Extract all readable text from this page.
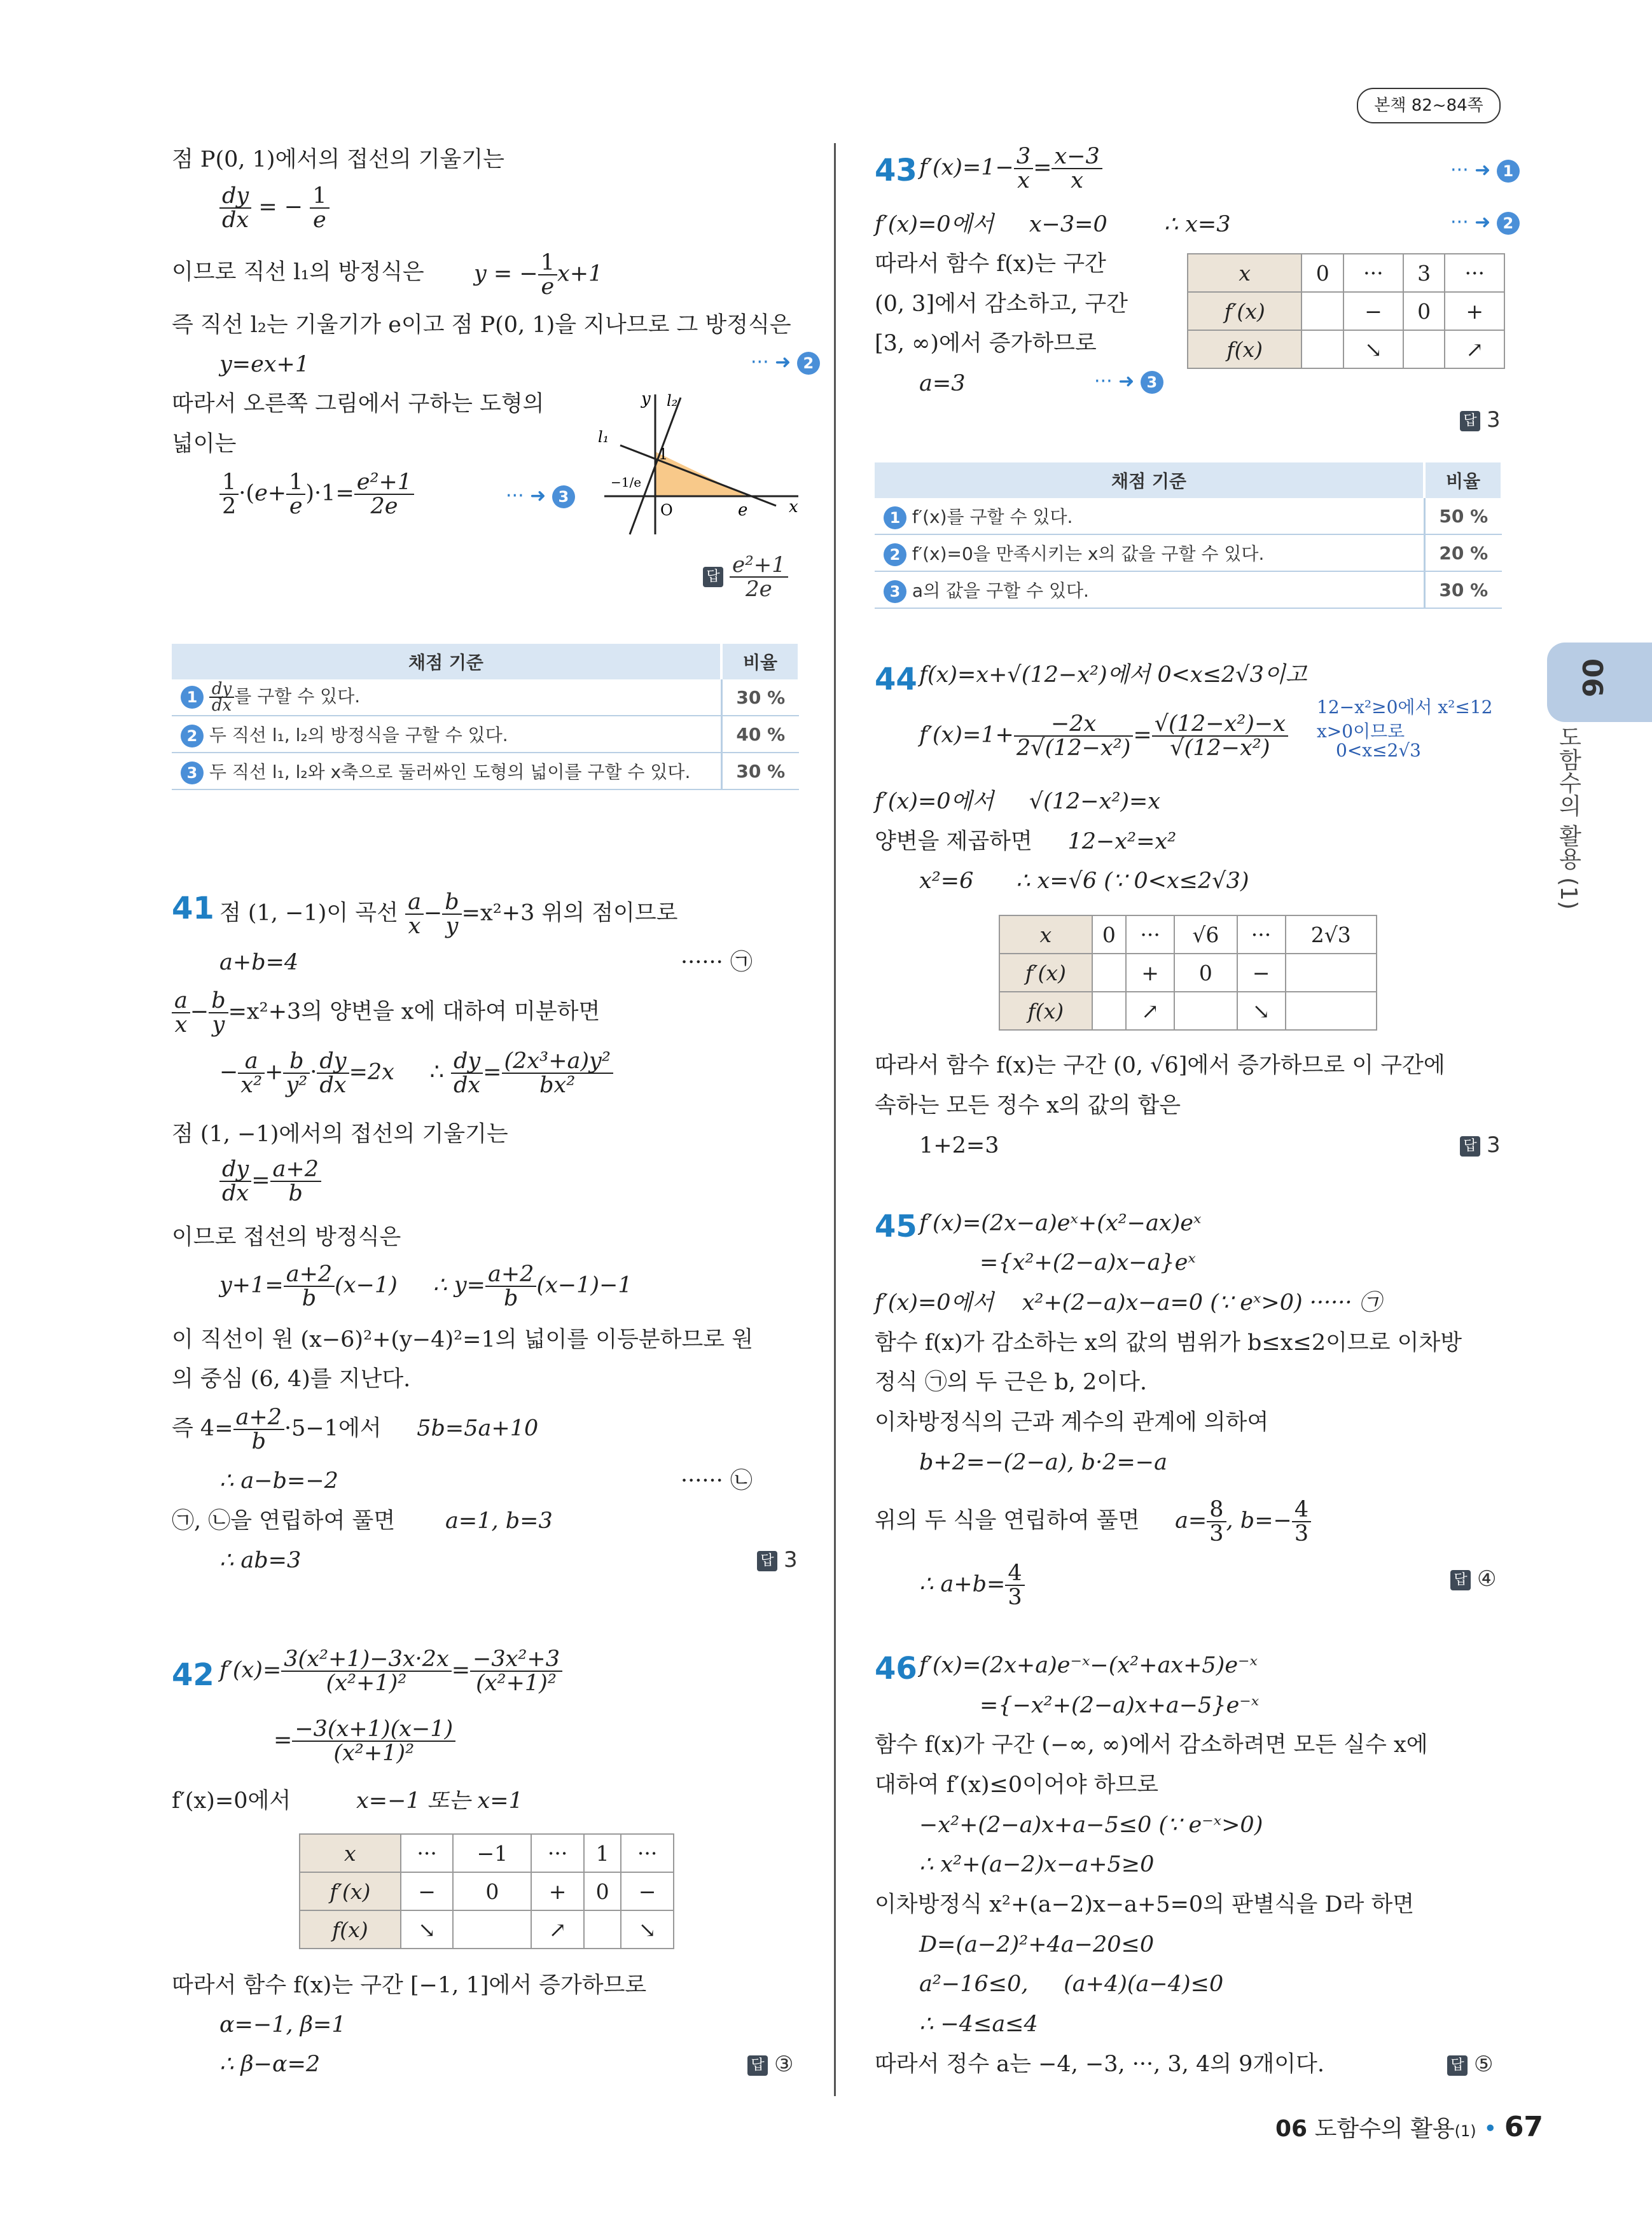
본책 82~84쪽
06
도함수의 활용 (1)
점 P(0, 1)에서의 접선의 기울기는
$\frac{dy}{dx}$ = − $\frac{1}{e}$
이므로 직선 l₁의 방정식은 y = − $\frac{1}{e} x+1$
즉 직선 l₂는 기울기가 e이고 점 P(0, 1)을 지나므로 그 방정식은
y=ex+1	··· ➜ 2
따라서 오른쪽 그림에서 구하는 도형의
넓이는
$\frac{1}{2} \cdot(e+ \frac{1}{e} )\cdot 1= \frac{\text{e²+1}}{2e}$	··· ➜ 3
y l₂
l₁
1
−1/e
O	e x
답 $\frac{\text{e²+1}}{2e}$
채점 기준	비율
$1 \frac{dy}{dx}$ 를 구할 수 있다.	30 %
2 두 직선 l₁, l₂의 방정식을 구할 수 있다.	40 %
3 두 직선 l₁, l₂와 x축으로 둘러싸인 도형의 넓이를 구할 수 있다.	30 %
41 점 (1, −1)이 곡선 $\frac{a}{x} - \frac{b}{y} =x^2+3$ 위의 점이므로
a+b=4	······ ㉠
$\frac{a}{x} - \frac{b}{y} =x^2+3$의 양변을 x에 대하여 미분하면
− $\frac{a}{\text{x²}} + \frac{b}{\text{y²}} \cdot \frac{dy}{dx} =2x$ ∴ $\frac{dy}{dx} = \frac{\text{(2x³+a)y²}}{\text{bx²}}$
점 (1, −1)에서의 접선의 기울기는
$\frac{dy}{dx} = \frac{a+2}{b}$
이므로 접선의 방정식은
$y+1= \frac{a+2}{b} (x-1)$ ∴ $y= \frac{a+2}{b} (x-1)-1$
이 직선이 원 (x−6)²+(y−4)²=1의 넓이를 이등분하므로 원
의 중심 (6, 4)를 지난다.
즉 $4= \frac{a+2}{b} \cdot 5-1$에서 5b=5a+10
∴ a−b=−2	······ ㉡
㉠, ㉡을 연립하여 풀면 a=1, b=3
∴ ab=3	답 3
42 $f'(x)= \frac{\text{3(x²+1)−3x·2x}}{\text{(x²+1)²}} = \frac{\text{−3x²+3}}{\text{(x²+1)²}}$
= $\frac{-3(x+1)(x-1)}{\text{(x²+1)²}}$
f′(x)=0에서	x=−1 또는 x=1
x	···	−1	···	1	···
f′(x)	−	0	+	0	−
f(x)	↘		↗		↘
따라서 함수 f(x)는 구간 [−1, 1]에서 증가하므로
α=−1, β=1
∴ β−α=2	답 ③
43 $f'(x)=1- \frac{3}{x} = \frac{x-3}{x}$	··· ➜ 1
f′(x)=0에서 x−3=0	∴ x=3	··· ➜ 2
따라서 함수 f(x)는 구간
(0, 3]에서 감소하고, 구간
[3, ∞)에서 증가하므로
a=3	··· ➜ 3
x	0	···	3	···
f′(x)		−	0	+
f(x)		↘		↗
답 3
채점 기준	비율
1 f′(x)를 구할 수 있다.	50 %
2 f′(x)=0을 만족시키는 x의 값을 구할 수 있다.	20 %
3 a의 값을 구할 수 있다.	30 %
44 f(x)=x+√(12−x²)에서 0<x≤2√3이고
12−x²≥0에서 x²≤12
x>0이므로
0<x≤2√3
$f'(x)=1+ \frac{-2x}{\text{2√(12−x²)}} = \frac{\text{√(12−x²)−x}}{\text{√(12−x²)}}$
f′(x)=0에서 √(12−x²)=x
양변을 제곱하면 12−x²=x²
x²=6 ∴ x=√6 (∵ 0<x≤2√3)
x	0	···	√6	···	2√3
f′(x)		+	0	−	
f(x)		↗		↘	
따라서 함수 f(x)는 구간 (0, √6]에서 증가하므로 이 구간에
속하는 모든 정수 x의 값의 합은
1+2=3	답 3
45 f′(x)=(2x−a)eˣ+(x²−ax)eˣ
={x²+(2−a)x−a}eˣ
f′(x)=0에서 x²+(2−a)x−a=0 (∵ eˣ>0) ······ ㉠
함수 f(x)가 감소하는 x의 값의 범위가 b≤x≤2이므로 이차방
정식 ㉠의 두 근은 b, 2이다.
이차방정식의 근과 계수의 관계에 의하여
b+2=−(2−a), b·2=−a
위의 두 식을 연립하여 풀면 $a= \frac{8}{3}$ , $b=- \frac{4}{3}$
∴ $a+b= \frac{4}{3}$	답 ④
46 f′(x)=(2x+a)e⁻ˣ−(x²+ax+5)e⁻ˣ
={−x²+(2−a)x+a−5}e⁻ˣ
함수 f(x)가 구간 (−∞, ∞)에서 감소하려면 모든 실수 x에
대하여 f′(x)≤0이어야 하므로
−x²+(2−a)x+a−5≤0 (∵ e⁻ˣ>0)
∴ x²+(a−2)x−a+5≥0
이차방정식 x²+(a−2)x−a+5=0의 판별식을 D라 하면
D=(a−2)²+4a−20≤0
a²−16≤0, (a+4)(a−4)≤0
∴ −4≤a≤4
따라서 정수 a는 −4, −3, ···, 3, 4의 9개이다.	답 ⑤
06 도함수의 활용(1) • 67
